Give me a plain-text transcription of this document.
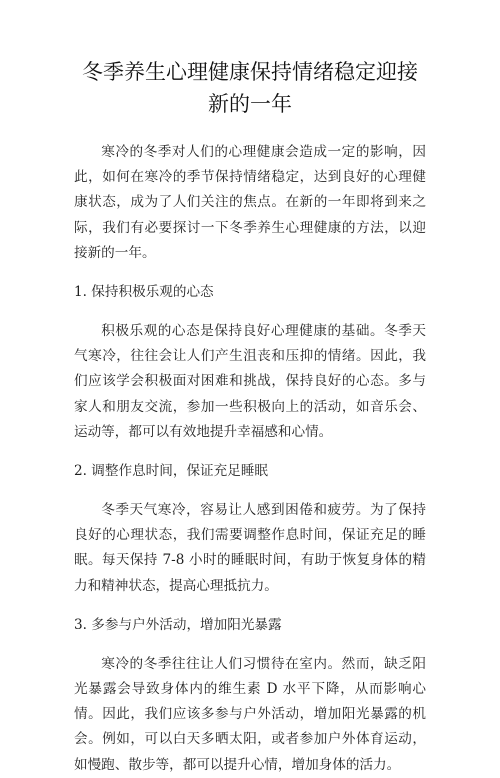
冬季养生心理健康保持情绪稳定迎接新的一年

寒冷的冬季对人们的心理健康会造成一定的影响，因此，如何在寒冷的季节保持情绪稳定，达到良好的心理健康状态，成为了人们关注的焦点。在新的一年即将到来之际，我们有必要探讨一下冬季养生心理健康的方法，以迎接新的一年。

1. 保持积极乐观的心态

积极乐观的心态是保持良好心理健康的基础。冬季天气寒冷，往往会让人们产生沮丧和压抑的情绪。因此，我们应该学会积极面对困难和挑战，保持良好的心态。多与家人和朋友交流，参加一些积极向上的活动，如音乐会、运动等，都可以有效地提升幸福感和心情。

2. 调整作息时间，保证充足睡眠

冬季天气寒冷，容易让人感到困倦和疲劳。为了保持良好的心理状态，我们需要调整作息时间，保证充足的睡眠。每天保持 7-8 小时的睡眠时间，有助于恢复身体的精力和精神状态，提高心理抵抗力。

3. 多参与户外活动，增加阳光暴露

寒冷的冬季往往让人们习惯待在室内。然而，缺乏阳光暴露会导致身体内的维生素 D 水平下降，从而影响心情。因此，我们应该多参与户外活动，增加阳光暴露的机会。例如，可以白天多晒太阳，或者参加户外体育运动，如慢跑、散步等，都可以提升心情，增加身体的活力。
